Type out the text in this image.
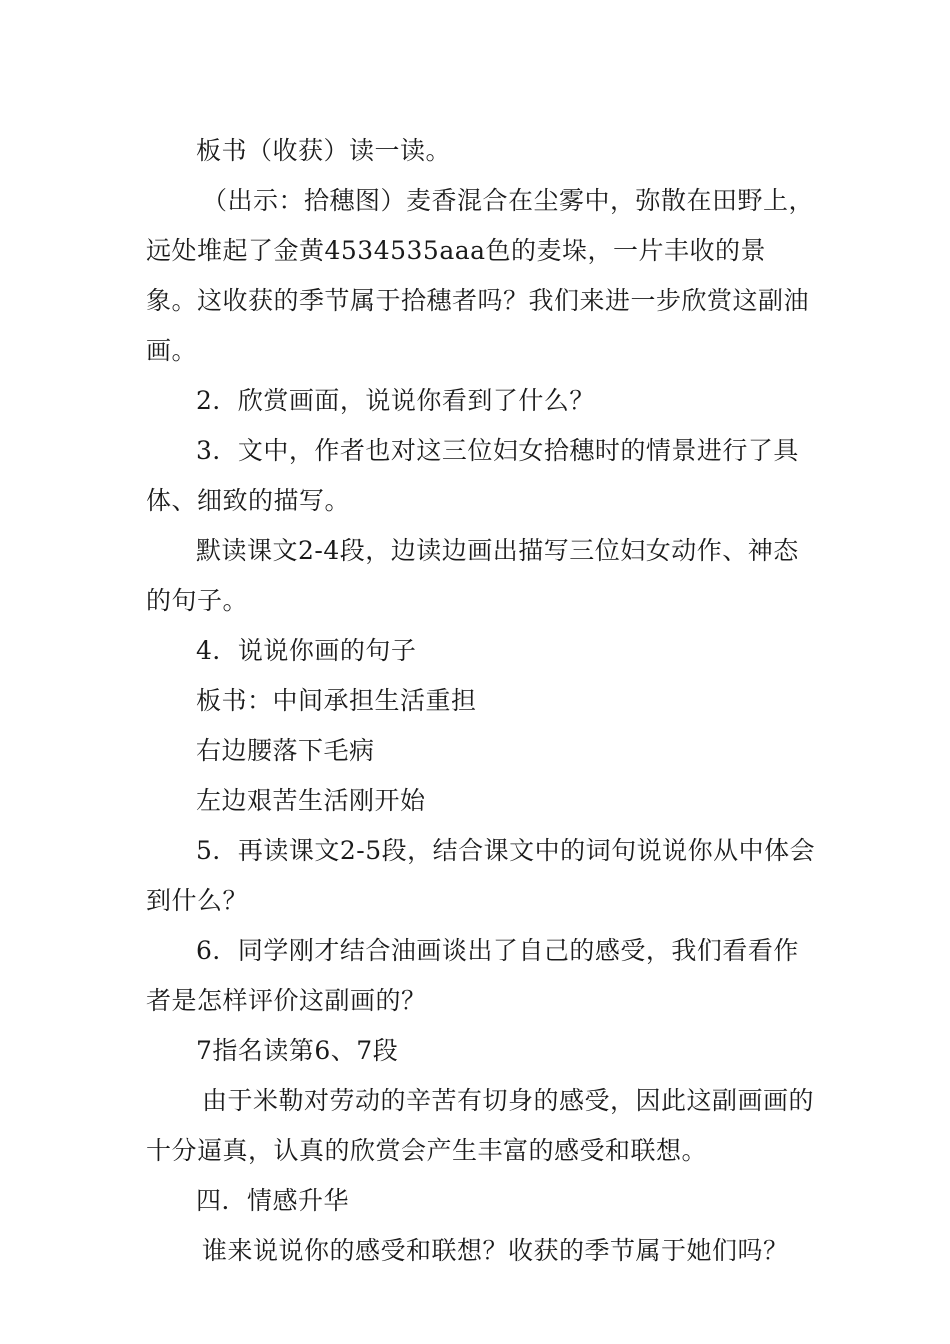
板书（收获）读一读。

（出示：拾穗图）麦香混合在尘雾中，弥散在田野上，远处堆起了金黄4534535aaa色的麦垛，一片丰收的景象。这收获的季节属于拾穗者吗？我们来进一步欣赏这副油画。

2．欣赏画面，说说你看到了什么？

3．文中，作者也对这三位妇女拾穗时的情景进行了具体、细致的描写。

默读课文2-4段，边读边画出描写三位妇女动作、神态的句子。

4．说说你画的句子

板书：中间承担生活重担

右边腰落下毛病

左边艰苦生活刚开始

5．再读课文2-5段，结合课文中的词句说说你从中体会到什么？

6．同学刚才结合油画谈出了自己的感受，我们看看作者是怎样评价这副画的？

7指名读第6、7段

由于米勒对劳动的辛苦有切身的感受，因此这副画画的十分逼真，认真的欣赏会产生丰富的感受和联想。

四．情感升华

谁来说说你的感受和联想？收获的季节属于她们吗？
